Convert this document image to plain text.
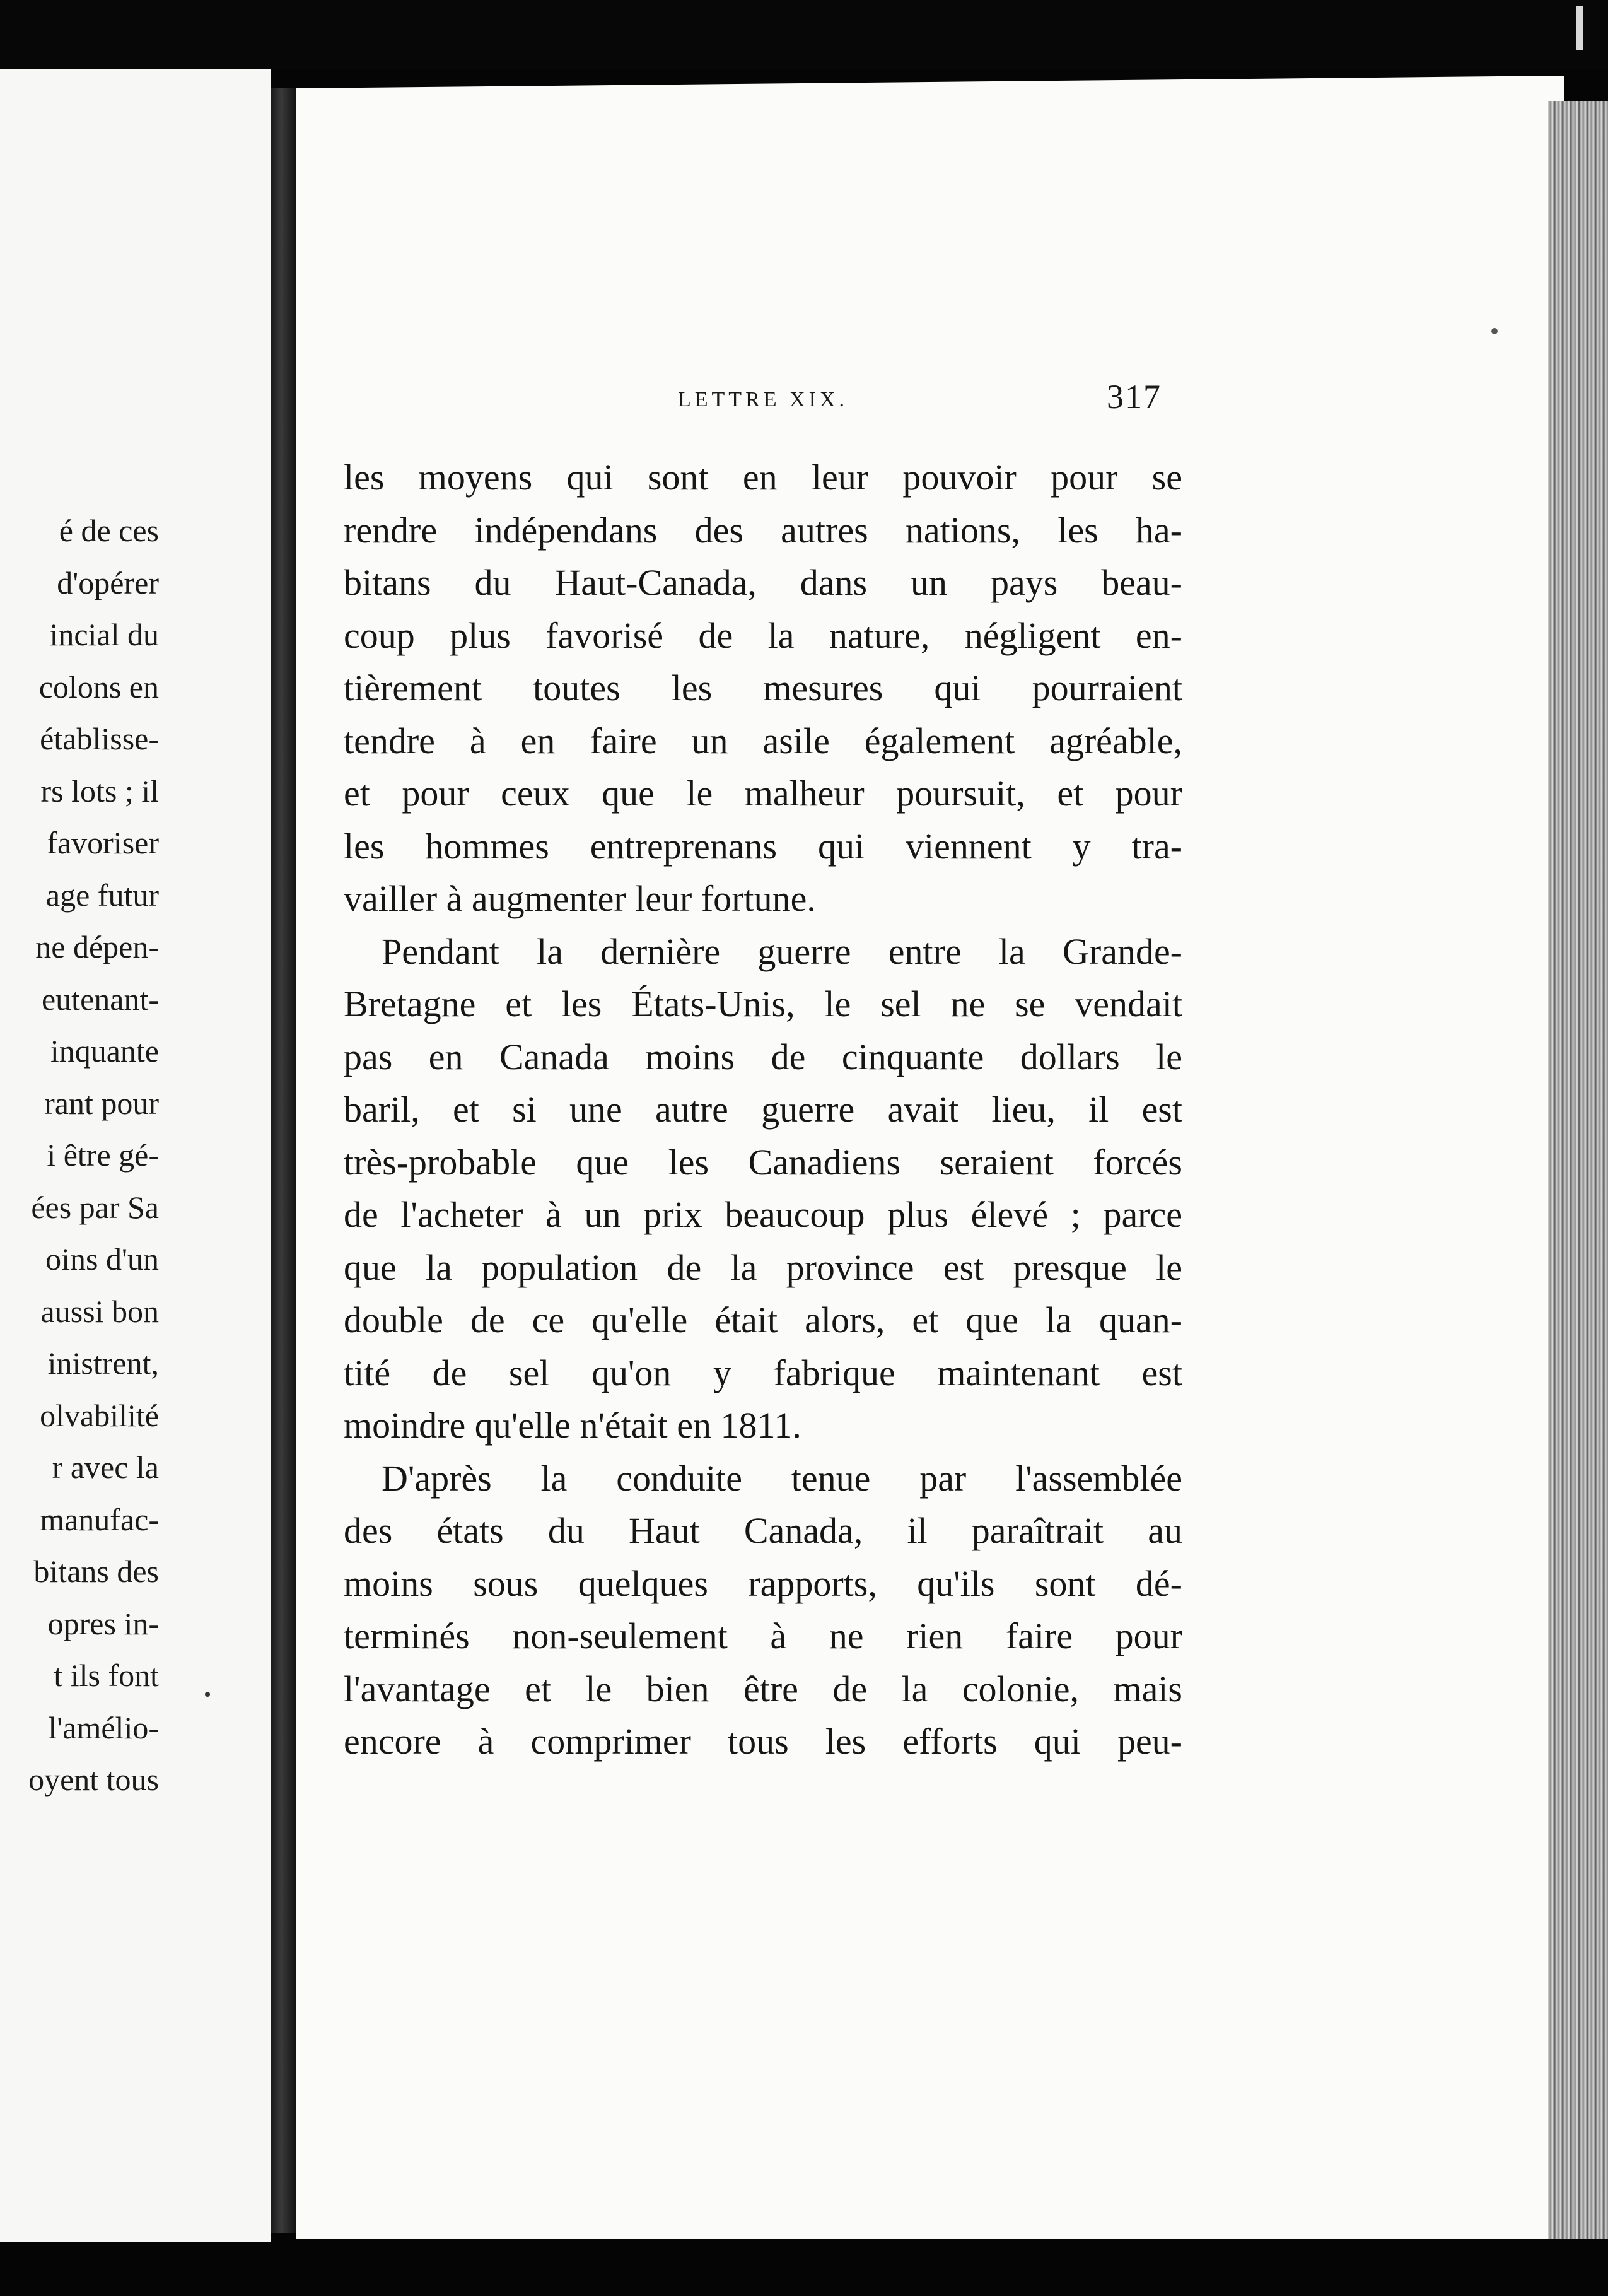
é de ces
d'opérer
incial du
colons en
établisse-
rs lots ; il
favoriser
age futur
ne dépen-
eutenant-
inquante
rant pour
i être gé-
ées par Sa
oins d'un
aussi bon
inistrent,
olvabilité
r avec la
manufac-
bitans des
opres in-
t ils font
l'amélio-
oyent tous
LETTRE XIX.	317
les moyens qui sont en leur pouvoir pour se
rendre indépendans des autres nations, les ha-
bitans du Haut-Canada, dans un pays beau-
coup plus favorisé de la nature, négligent en-
tièrement toutes les mesures qui pourraient
tendre à en faire un asile également agréable,
et pour ceux que le malheur poursuit, et pour
les hommes entreprenans qui viennent y tra-
vailler à augmenter leur fortune.
Pendant la dernière guerre entre la Grande-
Bretagne et les États-Unis, le sel ne se vendait
pas en Canada moins de cinquante dollars le
baril, et si une autre guerre avait lieu, il est
très-probable que les Canadiens seraient forcés
de l'acheter à un prix beaucoup plus élevé ; parce
que la population de la province est presque le
double de ce qu'elle était alors, et que la quan-
tité de sel qu'on y fabrique maintenant est
moindre qu'elle n'était en 1811.
D'après la conduite tenue par l'assemblée
des états du Haut Canada, il paraîtrait au
moins sous quelques rapports, qu'ils sont dé-
terminés non-seulement à ne rien faire pour
l'avantage et le bien être de la colonie, mais
encore à comprimer tous les efforts qui peu-
